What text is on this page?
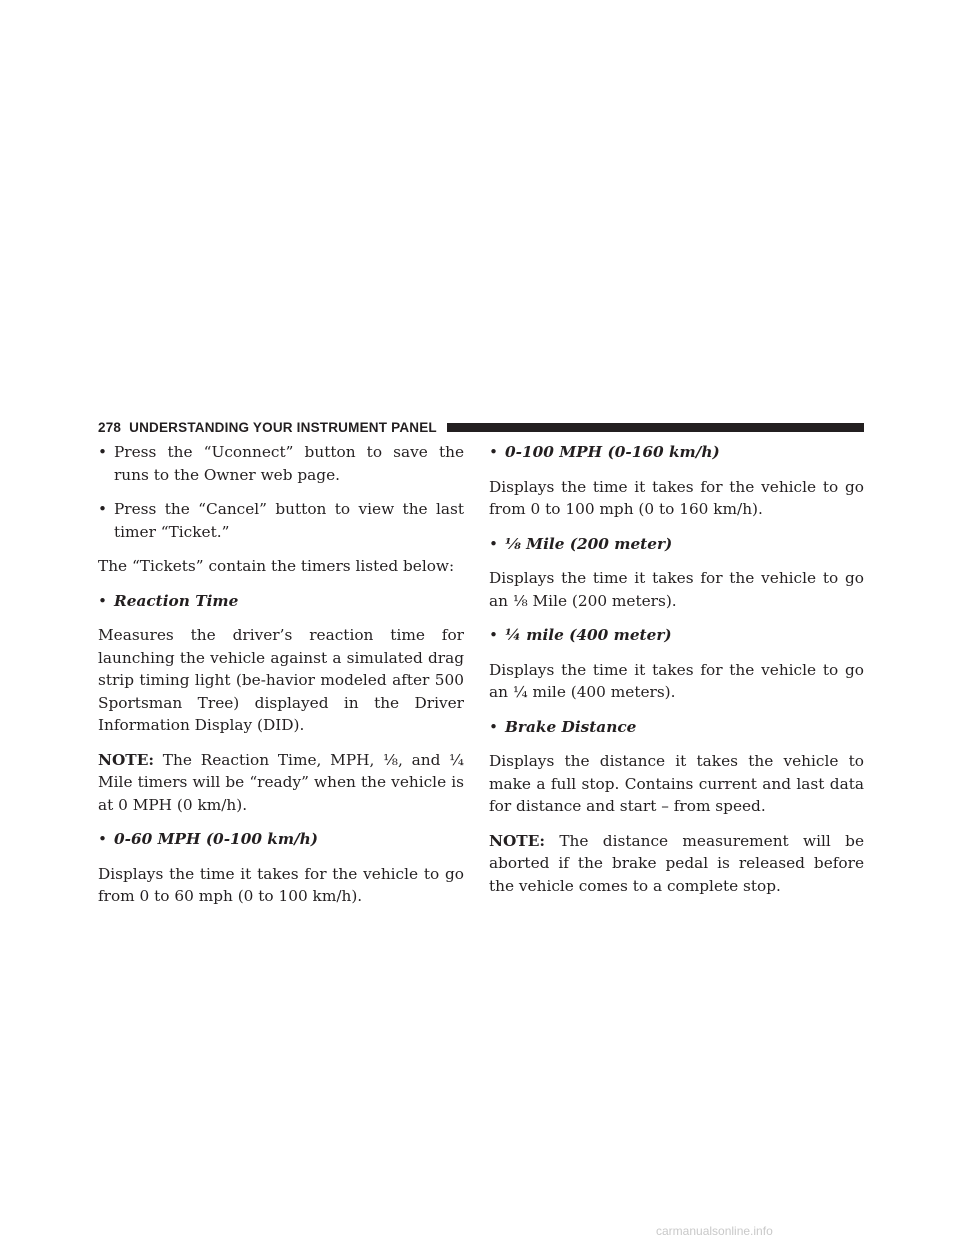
278 UNDERSTANDING YOUR INSTRUMENT PANEL
• Press the “Uconnect” button to save the runs to the Owner web page.
• Press the “Cancel” button to view the last timer “Ticket.”

The “Tickets” contain the timers listed below:

• Reaction Time

Measures the driver’s reaction time for launching the vehicle against a simulated drag strip timing light (be-havior modeled after 500 Sportsman Tree) displayed in the Driver Information Display (DID).

NOTE: The Reaction Time, MPH, ⅛, and ¼ Mile timers will be “ready” when the vehicle is at 0 MPH (0 km/h).

• 0-60 MPH (0-100 km/h)

Displays the time it takes for the vehicle to go from 0 to 60 mph (0 to 100 km/h).

• 0-100 MPH (0-160 km/h)

Displays the time it takes for the vehicle to go from 0 to 100 mph (0 to 160 km/h).

• ⅛ Mile (200 meter)

Displays the time it takes for the vehicle to go an ⅛ Mile (200 meters).

• ¼ mile (400 meter)

Displays the time it takes for the vehicle to go an ¼ mile (400 meters).

• Brake Distance

Displays the distance it takes the vehicle to make a full stop. Contains current and last data for distance and start – from speed.

NOTE: The distance measurement will be aborted if the brake pedal is released before the vehicle comes to a complete stop.

carmanualsonline.info
